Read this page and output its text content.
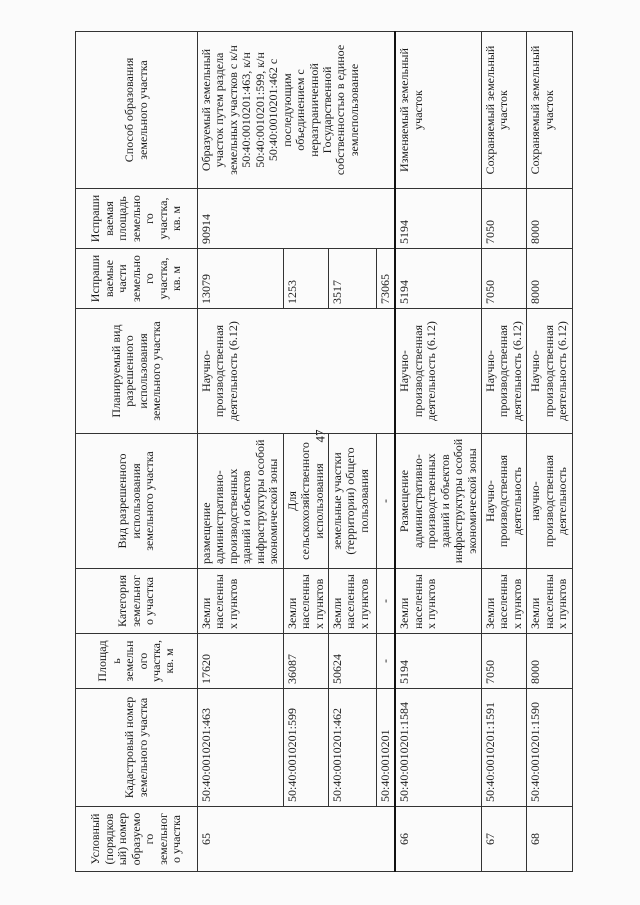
47
Условный (порядковый) номер образуемого земельного участка	Кадастровый номер земельного участка	Площадь земельного участка, кв. м	Категория земельного участка	Вид разрешенного использования земельного участка	Планируемый вид разрешенного использования земельного участка	Испрашиваемые части земельного участка, кв. м	Испрашиваемая площадь земельного участка, кв. м	Способ образования земельного участка
65	50:40:0010201:463	17620	Земли населенных пунктов	размещение административно-производственных зданий и объектов инфраструктуры особой экономической зоны	Научно-производственная деятельность (6.12)	13079	90914	Образуемый земельный участок путем раздела земельных участков с к/н 50:40:0010201:463, к/н 50:40:0010201:599, к/н 50:40:0010201:462 с последующим объединением с неразграниченной Государственной собственностью в единое землепользование
	50:40:0010201:599	36087	Земли населенных пунктов	Для сельскохозяйственного использования		1253		
	50:40:0010201:462	50624	Земли населенных пунктов	земельные участки (территории) общего пользования		3517		
	50:40:0010201	-	-	-		73065		
66	50:40:0010201:1584	5194	Земли населенных пунктов	Размещение административно-производственных зданий и объектов инфраструктуры особой экономической зоны	Научно-производственная деятельность (6.12)	5194	5194	Изменяемый земельный участок
67	50:40:0010201:1591	7050	Земли населенных пунктов	Научно-производственная деятельность	Научно-производственная деятельность (6.12)	7050	7050	Сохраняемый земельный участок
68	50:40:0010201:1590	8000	Земли населенных пунктов	научно-производственная деятельность	Научно-производственная деятельность (6.12)	8000	8000	Сохраняемый земельный участок
